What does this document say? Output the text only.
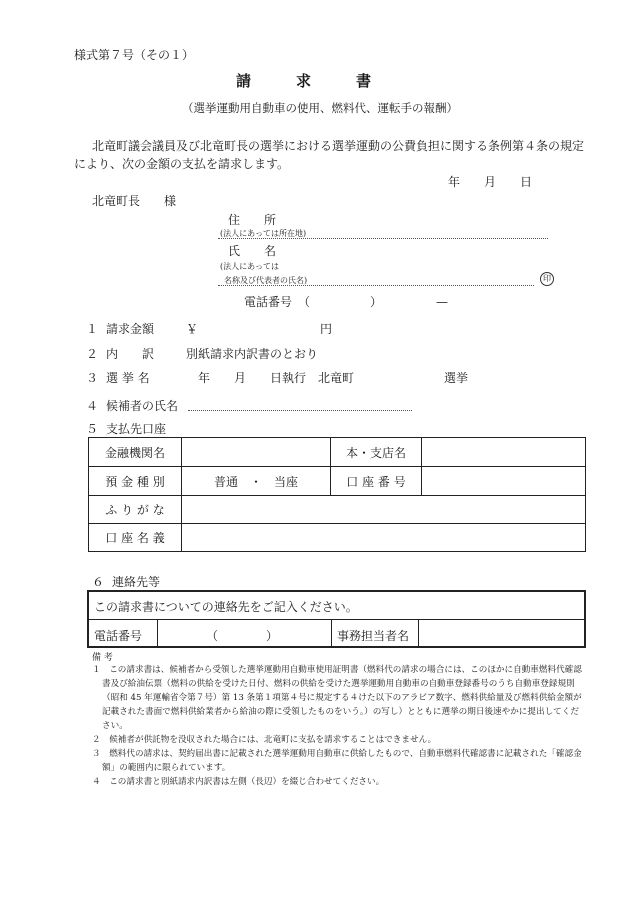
様式第７号（その１）
請　　　求　　　書
（選挙運動用自動車の使用、燃料代、運転手の報酬）
北竜町議会議員及び北竜町長の選挙における選挙運動の公費負担に関する条例第４条の規定
により、次の金額の支払を請求します。
年　　月　　日
北竜町長　　様
住　　所
(法人にあっては所在地)
氏　　名
(法人にあっては
名称及び代表者の氏名)	印
電話番号　（　　　　　）　　　　　—
１ 請求金額	￥	円
２ 内　　訳	別紙請求内訳書のとおり
３ 選 挙 名	年　　月　　日執行　北竜町	選挙
４ 候補者の氏名
５ 支払先口座
金融機関名		本・支店名	
預 金 種 別	普通　・　当座	口 座 番 号	
ふ り が な			
口 座 名 義			
６ 連絡先等
この請求書についての連絡先をご記入ください。
電話番号	（　　　　）	事務担当者名
備 考

１　この請求書は、候補者から受領した選挙運動用自動車使用証明書（燃料代の請求の場合には、このほかに自動車燃料代確認書及び給油伝票（燃料の供給を受けた日付、燃料の供給を受けた選挙運動用自動車の自動車登録番号のうち自動車登録規則（昭和 45 年運輸省令第７号）第 13 条第１項第４号に規定する４けた以下のアラビア数字、燃料供給量及び燃料供給金額が記載された書面で燃料供給業者から給油の際に受領したものをいう。）の写し）とともに選挙の期日後速やかに提出してください。

２　候補者が供託物を没収された場合には、北竜町に支払を請求することはできません。

３　燃料代の請求は、契約届出書に記載された選挙運動用自動車に供給したもので、自動車燃料代確認書に記載された「確認金額」の範囲内に限られています。

４　この請求書と別紙請求内訳書は左側（長辺）を綴じ合わせてください。
